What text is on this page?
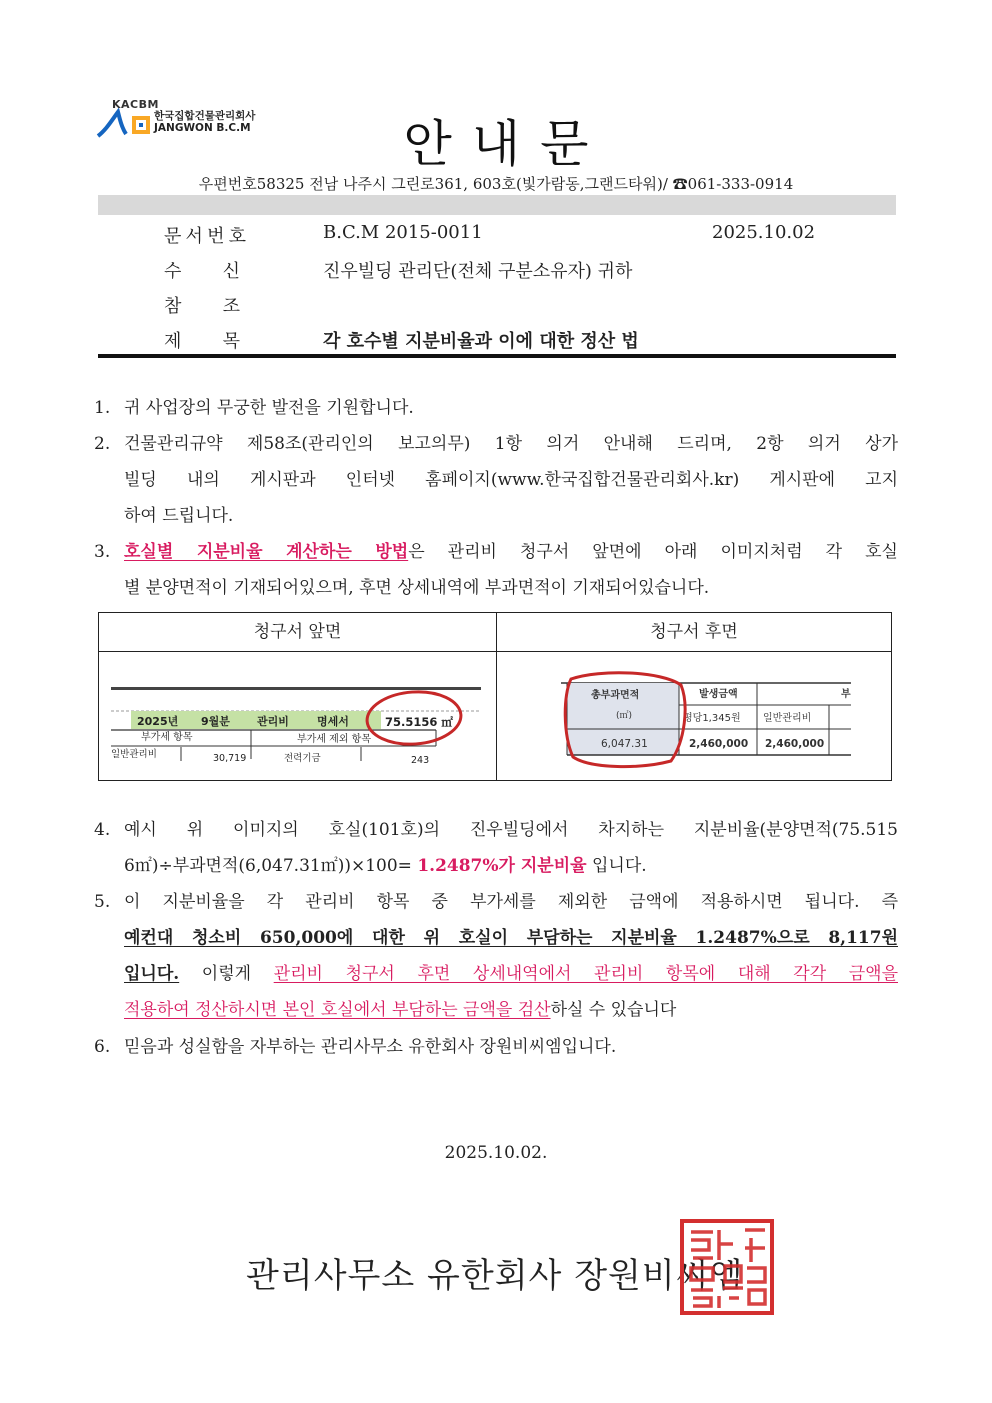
KACBM
한국집합건물관리회사
JANGWON B.C.M	안내문
우편번호58325 전남 나주시 그린로361, 603호(빛가람동,그랜드타워)/ ☎061-333-0914
문 서 번 호	B.C.M 2015-0011	2025.10.02
수 신	진우빌딩 관리단(전체 구분소유자) 귀하
참 조
제 목	각 호수별 지분비율과 이에 대한 정산 법
1. 귀 사업장의 무궁한 발전을 기원합니다.
2. 건물관리규약 제58조(관리인의 보고의무) 1항 의거 안내해 드리며, 2항 의거 상가
빌딩 내의 게시판과 인터넷 홈페이지(www.한국집합건물관리회사.kr) 게시판에 고지
하여 드립니다.
3. 호실별 지분비율 계산하는 방법은 관리비 청구서 앞면에 아래 이미지처럼 각 호실
별 분양면적이 기재되어있으며, 후면 상세내역에 부과면적이 기재되어있습니다.
청구서 앞면	청구서 후면
2025년 9월분 관리비	명세서	75.5156 ㎡
부가세 항목	부가세 제외 항목
일반관리비	30,719	전력기금	243
총부과면적
(㎡)
발생금액
평당1,345원 일반관리비
부
6,047.31	2,460,000 2,460,000
4. 예시 위 이미지의 호실(101호)의 진우빌딩에서 차지하는 지분비율(분양면적(75.515
6㎡)÷부과면적(6,047.31㎡))×100= 1.2487%가 지분비율 입니다.
5. 이 지분비율을 각 관리비 항목 중 부가세를 제외한 금액에 적용하시면 됩니다. 즉
예컨대 청소비 650,000에 대한 위 호실이 부담하는 지분비율 1.2487%으로 8,117원
입니다. 이렇게 관리비 청구서 후면 상세내역에서 관리비 항목에 대해 각각 금액을
적용하여 정산하시면 본인 호실에서 부담하는 금액을 검산하실 수 있습니다
6. 믿음과 성실함을 자부하는 관리사무소 유한회사 장원비씨엠입니다.
2025.10.02.
관리사무소 유한회사 장원비씨엠
